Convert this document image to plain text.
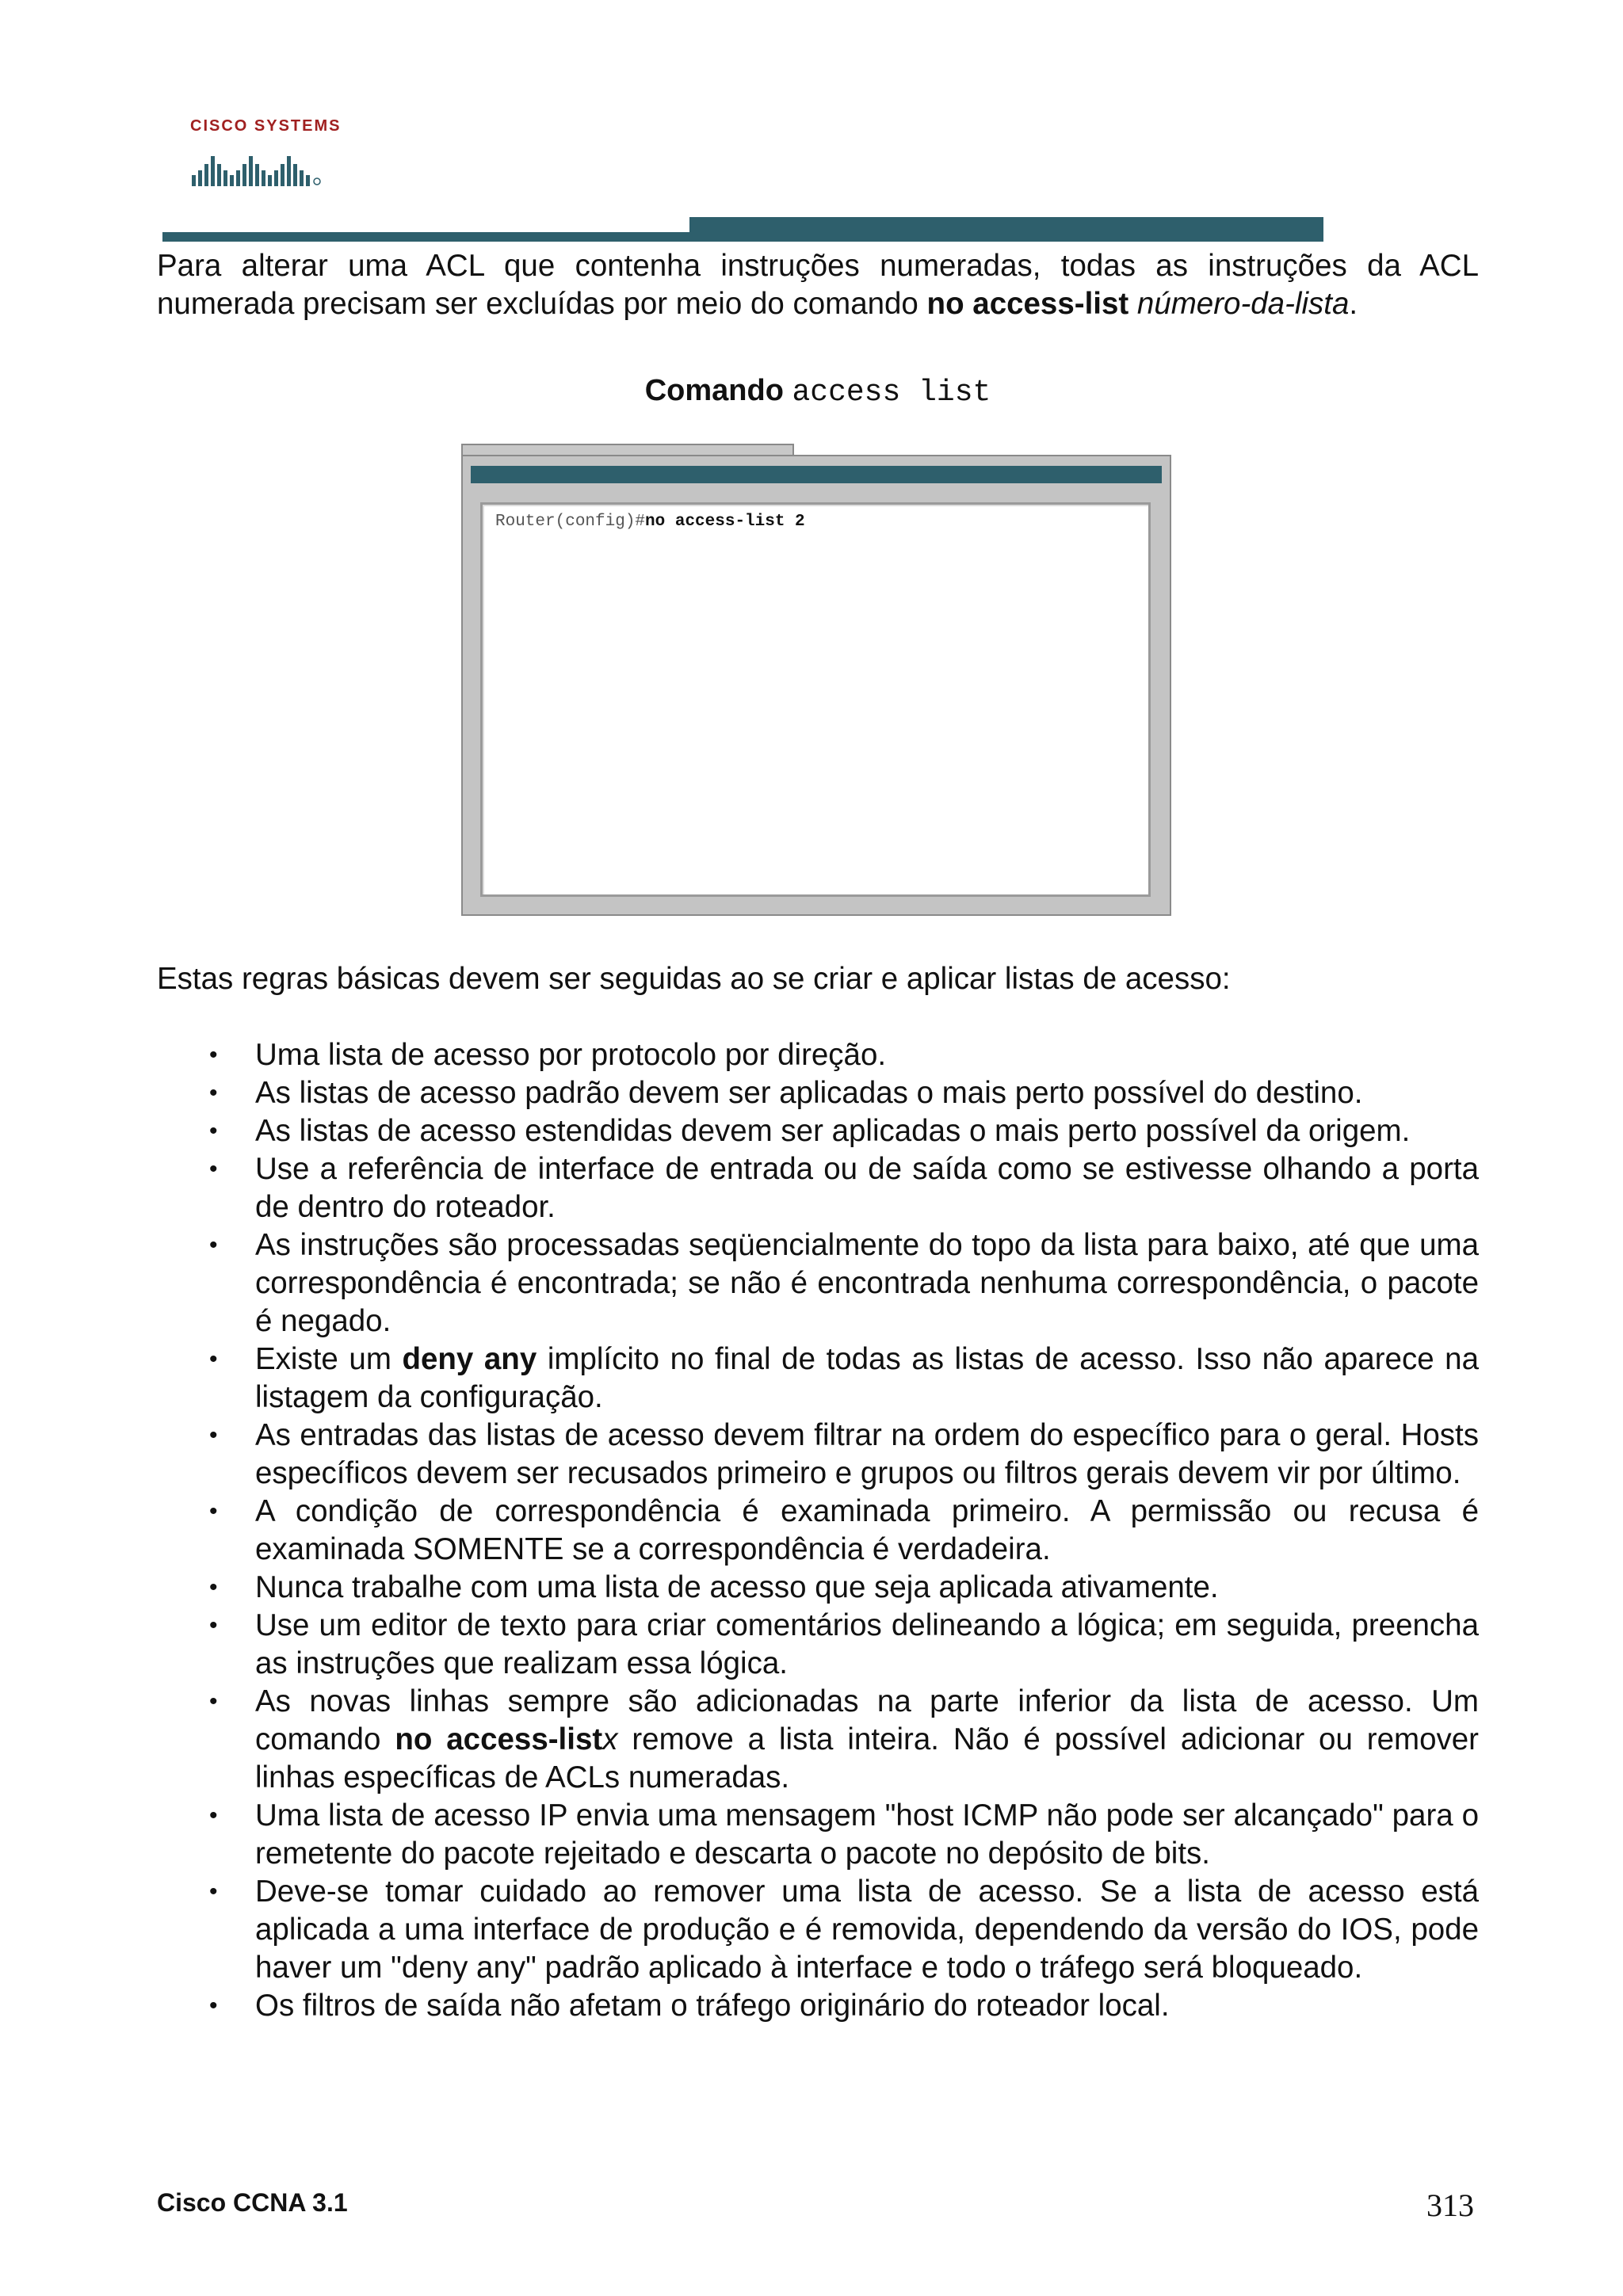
CISCO SYSTEMS
PROGRAMA CISCO NETWORKING ACADEMY

Para alterar uma ACL que contenha instruções numeradas, todas as instruções da ACL numerada precisam ser excluídas por meio do comando no access-list número-da-lista.

Comando access list
Router(config)#no access-list 2
Estas regras básicas devem ser seguidas ao se criar e aplicar listas de acesso:
• Uma lista de acesso por protocolo por direção.
• As listas de acesso padrão devem ser aplicadas o mais perto possível do destino.
• As listas de acesso estendidas devem ser aplicadas o mais perto possível da origem.
• Use a referência de interface de entrada ou de saída como se estivesse olhando a porta de dentro do roteador.
• As instruções são processadas seqüencialmente do topo da lista para baixo, até que uma correspondência é encontrada; se não é encontrada nenhuma correspondência, o pacote é negado.
• Existe um deny any implícito no final de todas as listas de acesso. Isso não aparece na listagem da configuração.
• As entradas das listas de acesso devem filtrar na ordem do específico para o geral. Hosts específicos devem ser recusados primeiro e grupos ou filtros gerais devem vir por último.
• A condição de correspondência é examinada primeiro. A permissão ou recusa é examinada SOMENTE se a correspondência é verdadeira.
• Nunca trabalhe com uma lista de acesso que seja aplicada ativamente.
• Use um editor de texto para criar comentários delineando a lógica; em seguida, preencha as instruções que realizam essa lógica.
• As novas linhas sempre são adicionadas na parte inferior da lista de acesso. Um comando no access-listx remove a lista inteira. Não é possível adicionar ou remover linhas específicas de ACLs numeradas.
• Uma lista de acesso IP envia uma mensagem "host ICMP não pode ser alcançado" para o remetente do pacote rejeitado e descarta o pacote no depósito de bits.
• Deve-se tomar cuidado ao remover uma lista de acesso. Se a lista de acesso está aplicada a uma interface de produção e é removida, dependendo da versão do IOS, pode haver um "deny any" padrão aplicado à interface e todo o tráfego será bloqueado.
• Os filtros de saída não afetam o tráfego originário do roteador local.
Cisco CCNA 3.1	313
